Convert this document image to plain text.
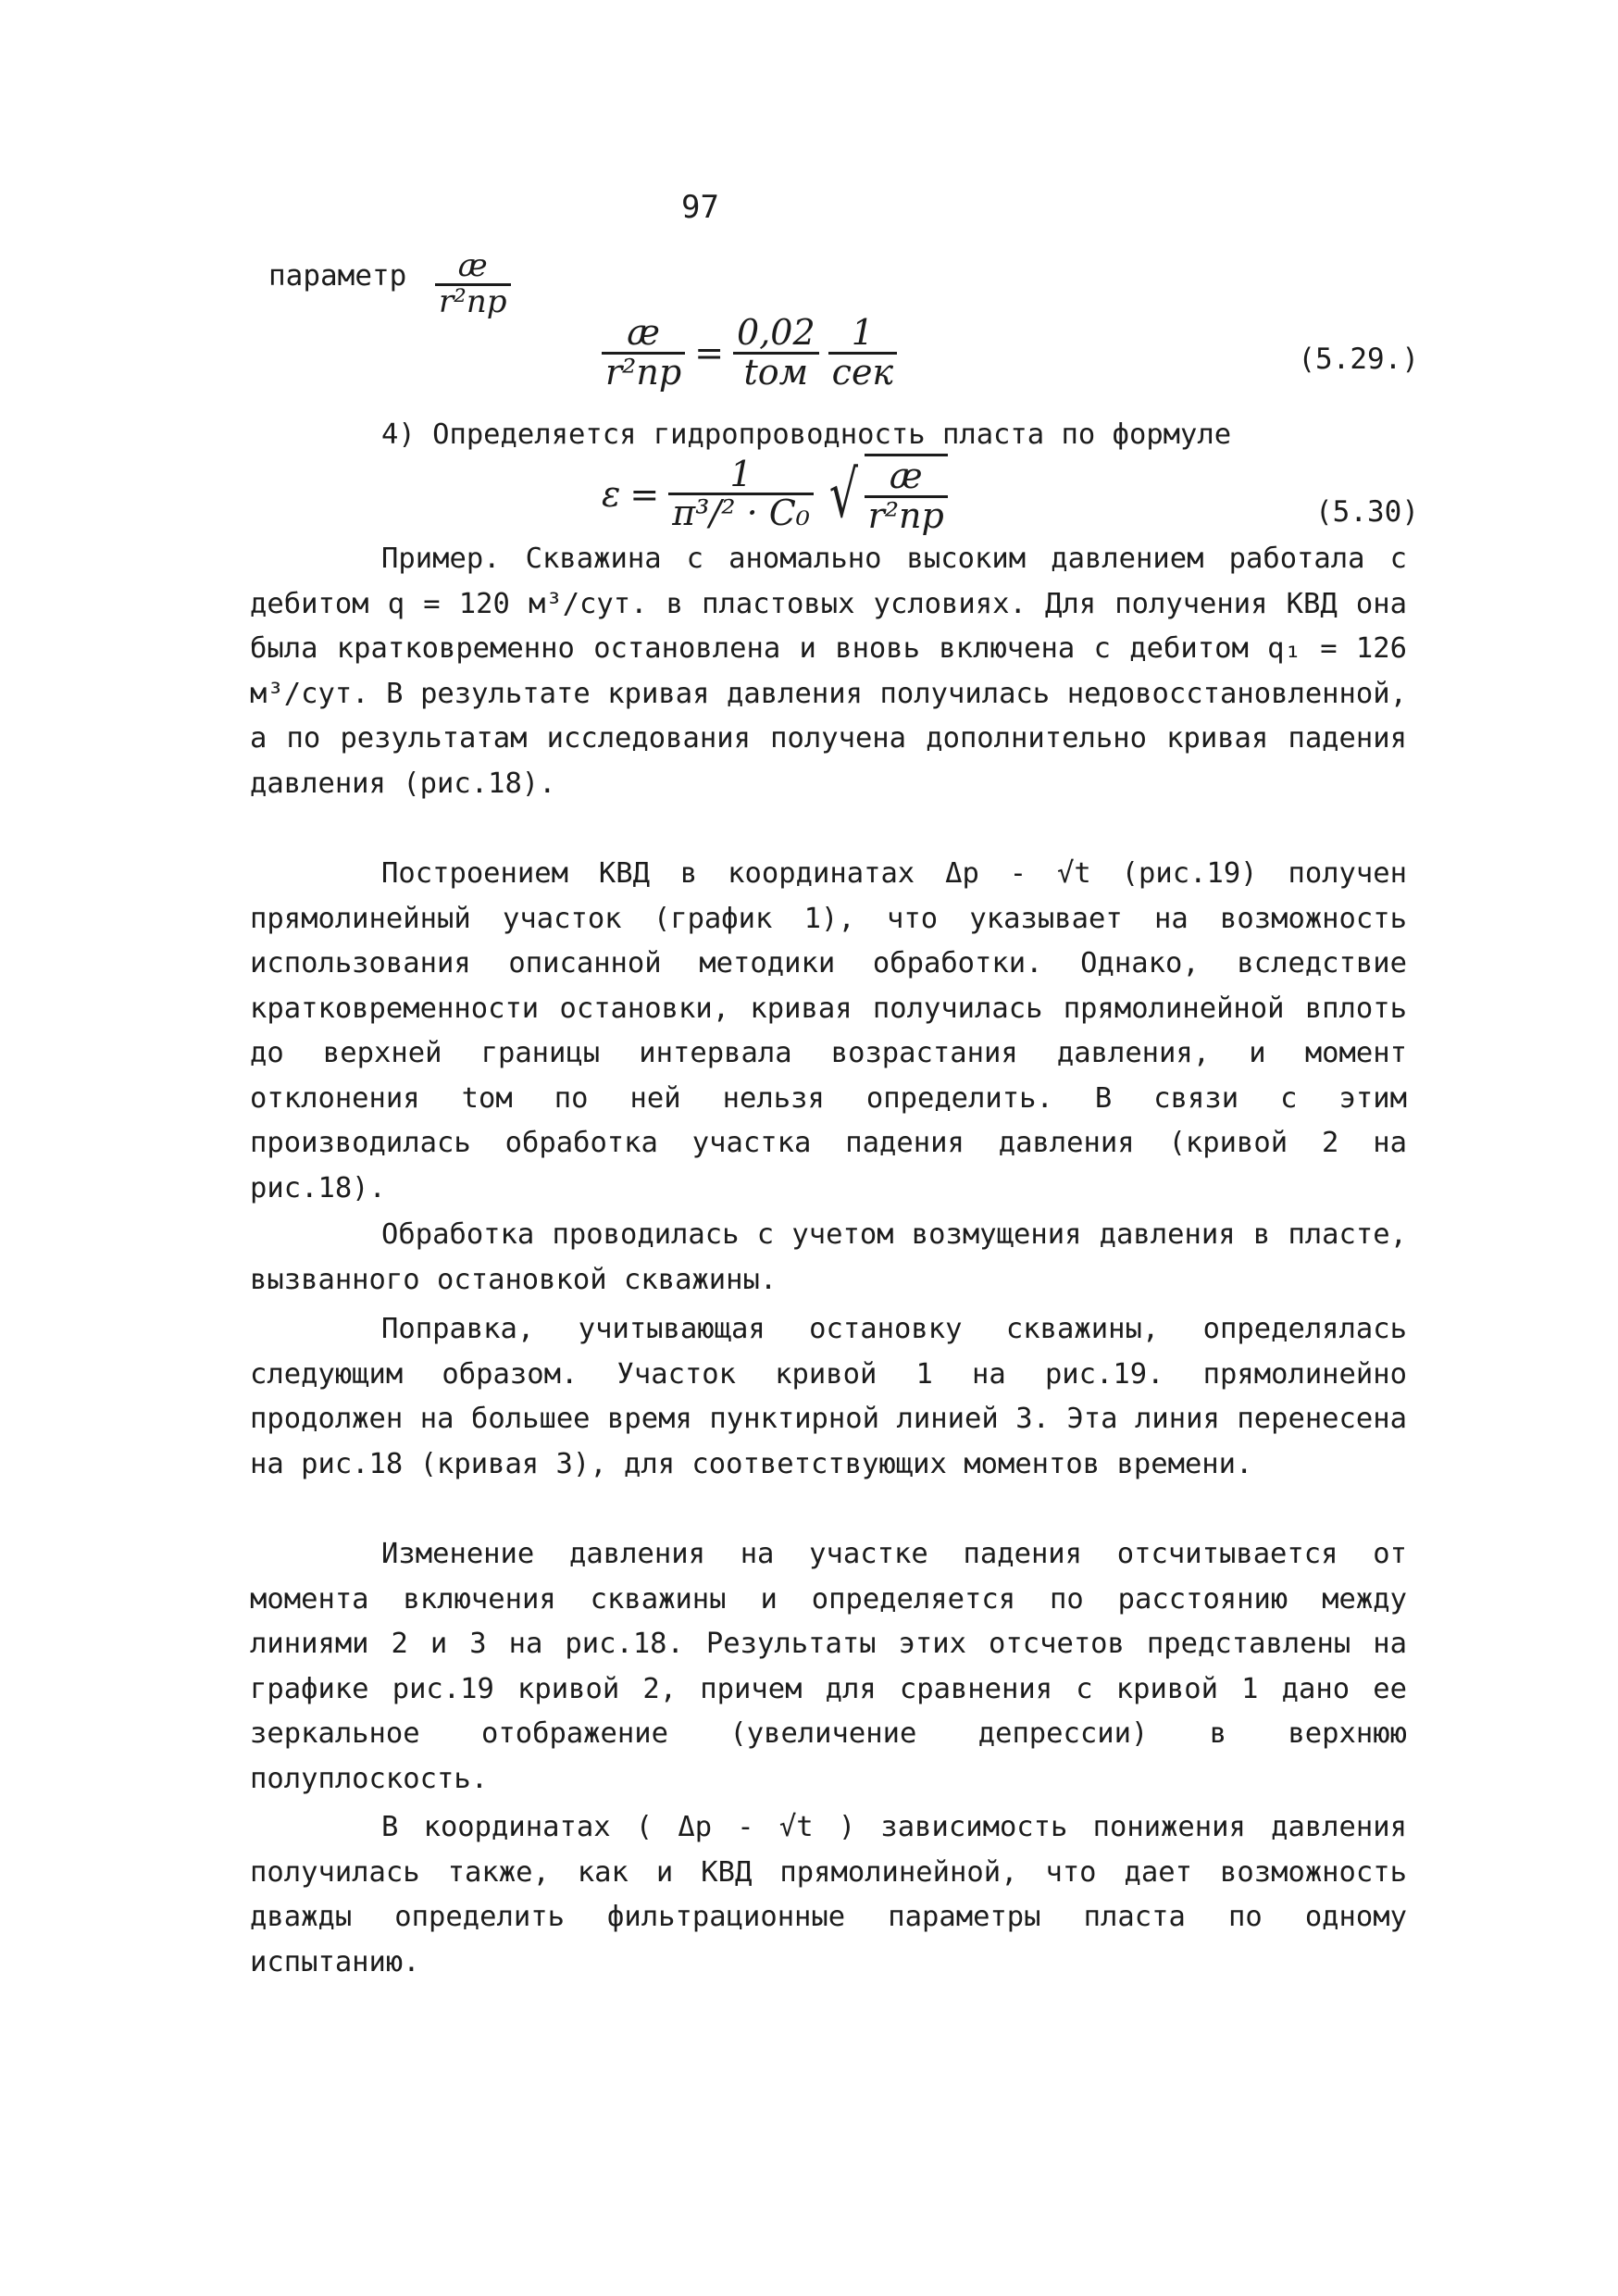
97
параметр	æ
r²пр
$\frac{æ}{\text{r²пр}} = \frac{0,02}{\text{tом}} \frac{1}{\text{сек}}$	(5.29.)

4) Определяется гидропроводность пласта по формуле

$\varepsilon = \frac{1}{\text{π³/² · C₀}}$ √ $\frac{æ}{\text{r²пр}}$	(5.30)

Пример. Скважина с аномально высоким давлением работала с дебитом q = 120 м³/сут. в пластовых условиях. Для получения КВД она была кратковременно остановлена и вновь включена с дебитом q₁ = 126 м³/сут. В результате кривая давления получилась недовосстановленной, а по результатам исследования получена дополнительно кривая падения давления (рис.18).

Построением КВД в координатах Δp - √t (рис.19) получен прямолинейный участок (график 1), что указывает на возможность использования описанной методики обработки. Однако, вследствие кратковременности остановки, кривая получилась прямолинейной вплоть до верхней границы интервала возрастания давления, и момент отклонения tом по ней нельзя определить. В связи с этим производилась обработка участка падения давления (кривой 2 на рис.18).

Обработка проводилась с учетом возмущения давления в пласте, вызванного остановкой скважины.

Поправка, учитывающая остановку скважины, определялась следующим образом. Участок кривой 1 на рис.19. прямолинейно продолжен на большее время пунктирной линией 3. Эта линия перенесена на рис.18 (кривая 3), для соответствующих моментов времени.

Изменение давления на участке падения отсчитывается от момента включения скважины и определяется по расстоянию между линиями 2 и 3 на рис.18. Результаты этих отсчетов представлены на графике рис.19 кривой 2, причем для сравнения с кривой 1 дано ее зеркальное отображение (увеличение депрессии) в верхнюю полуплоскость.

В координатах ( Δp - √t ) зависимость понижения давления получилась также, как и КВД прямолинейной, что дает возможность дважды определить фильтрационные параметры пласта по одному испытанию.
